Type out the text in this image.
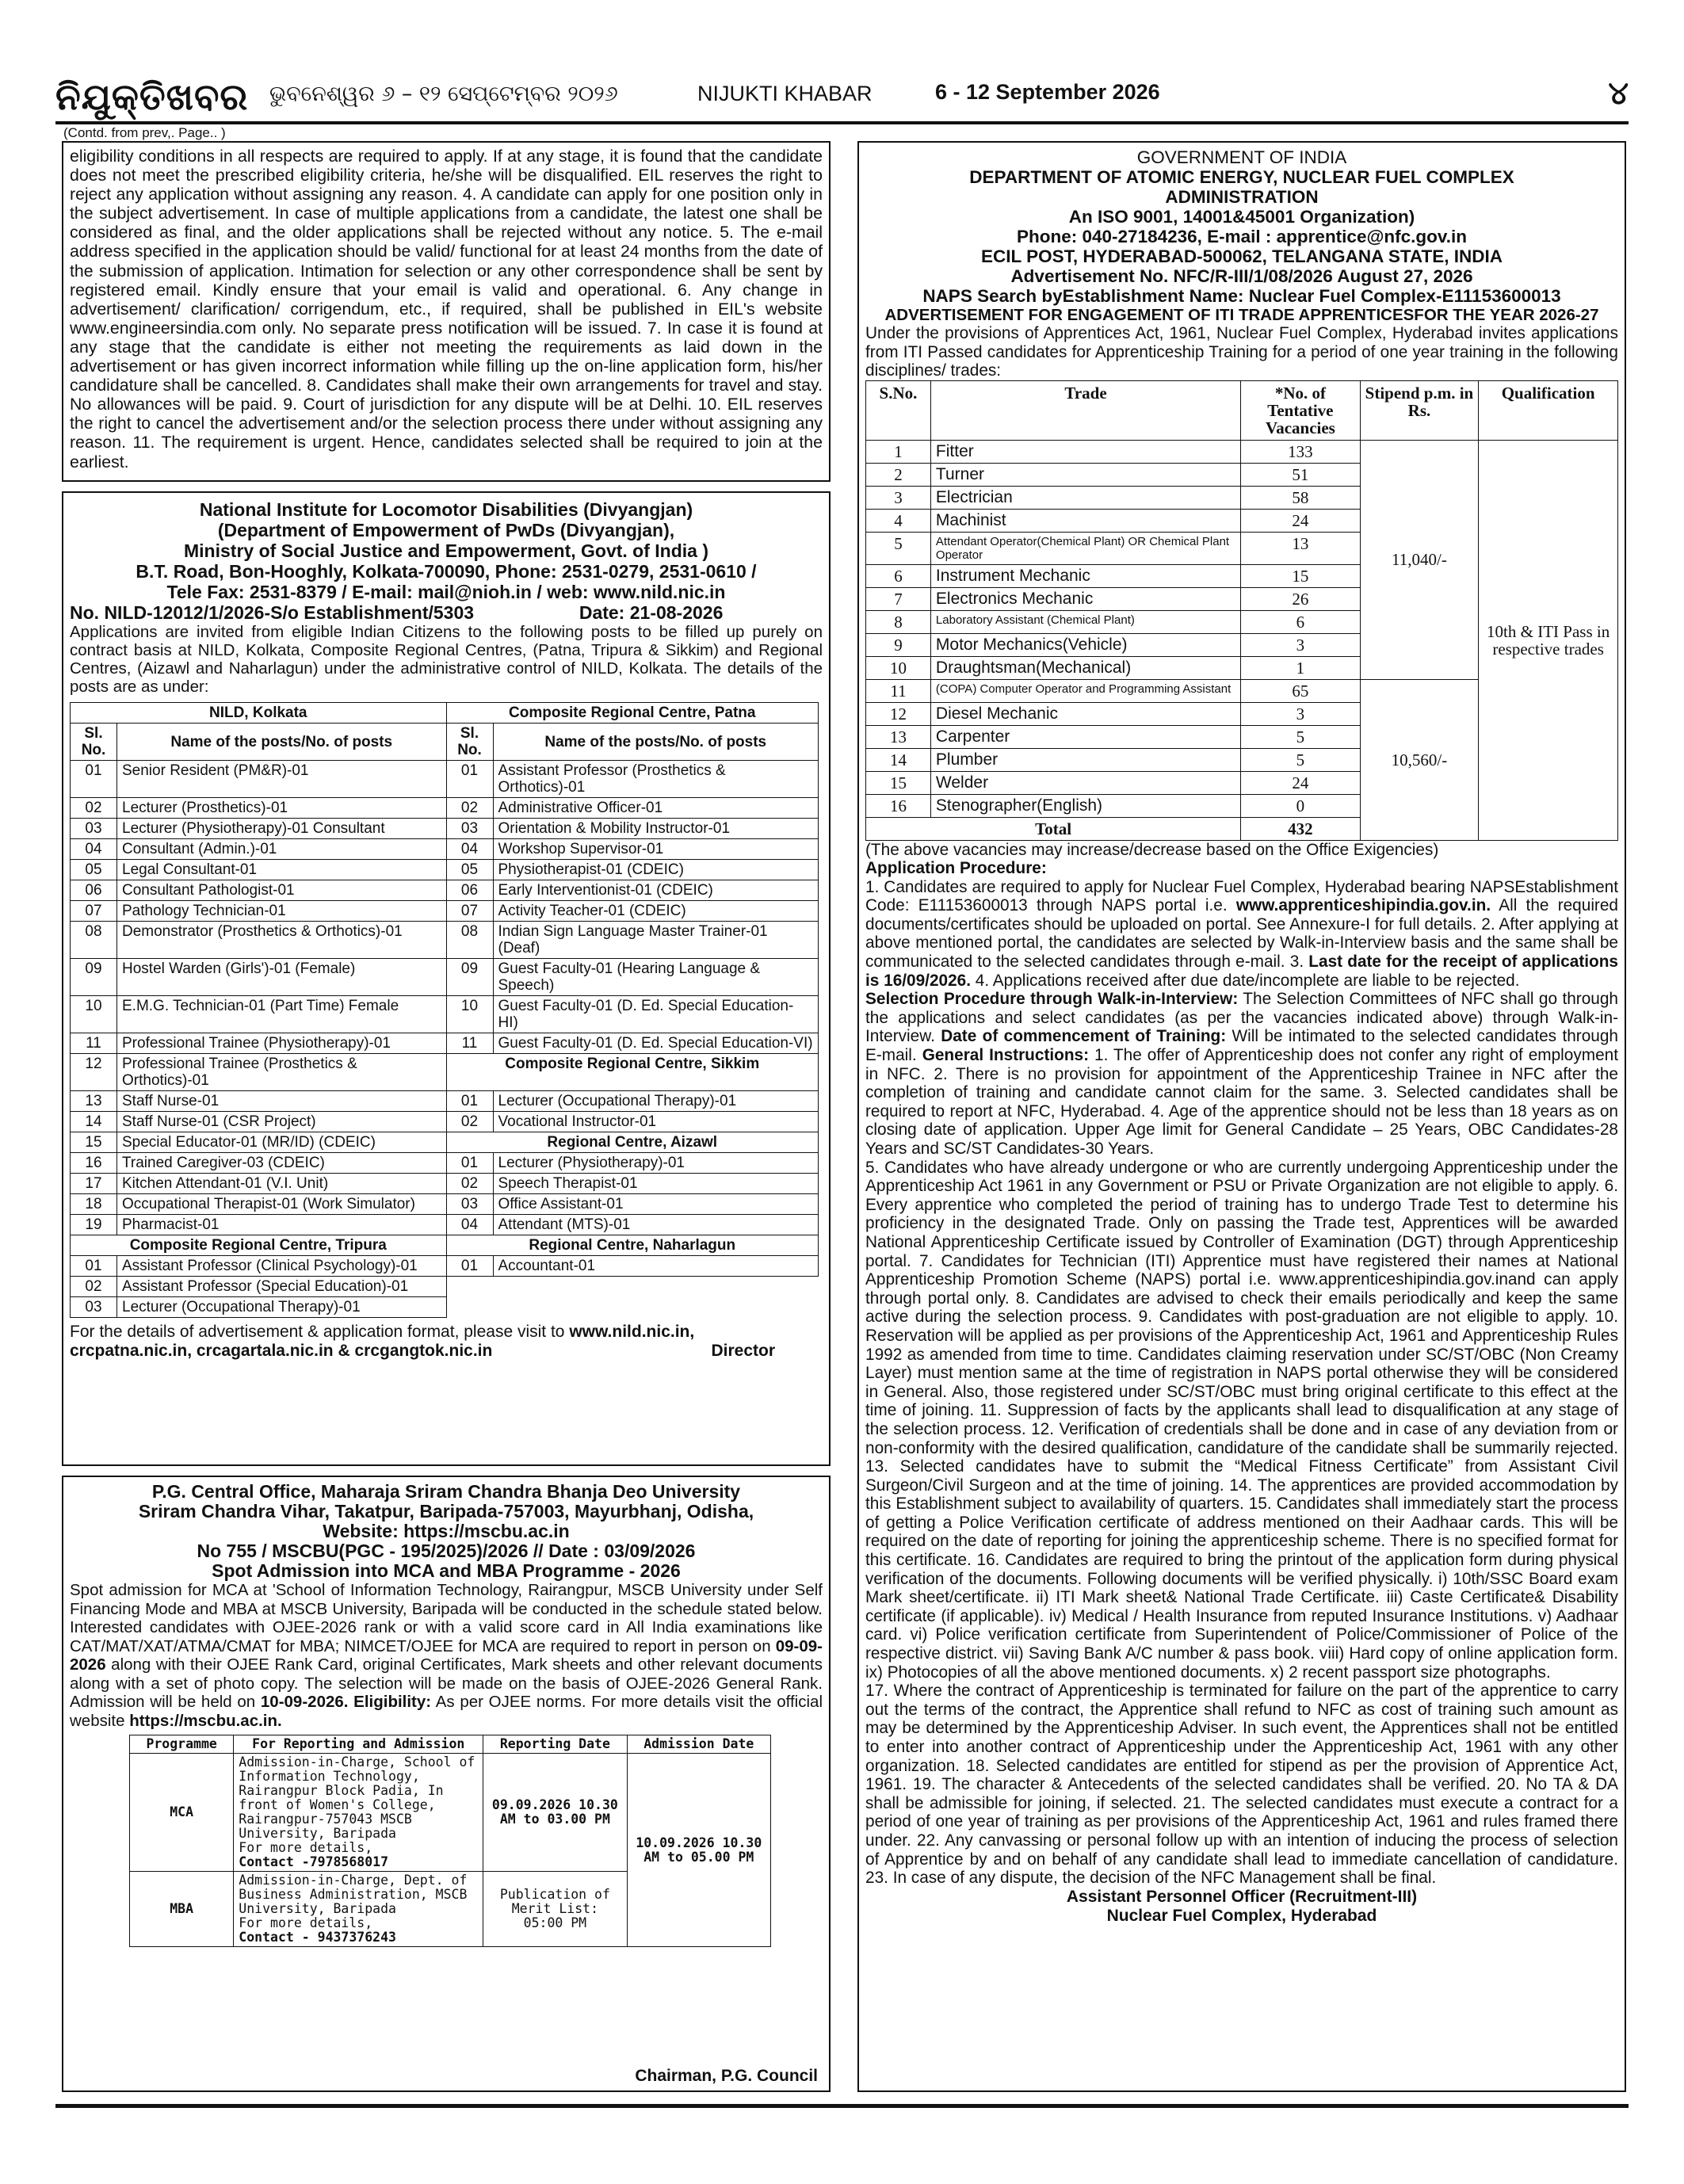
ନିଯୁକ୍ତିଖବର ଭୁବନେଶ୍ୱର ୬ – ୧୨ ସେପ୍ଟେମ୍ବର ୨୦୨୬	NIJUKTI KHABAR	6 - 12 September 2026	୪
(Contd. from prev,. Page.. )

eligibility conditions in all respects are required to apply. If at any stage, it is found that the candidate does not meet the prescribed eligibility criteria, he/she will be disqualified. EIL reserves the right to reject any application without assigning any reason. 4. A candidate can apply for one position only in the subject advertisement. In case of multiple applications from a candidate, the latest one shall be considered as final, and the older applications shall be rejected without any notice. 5. The e-mail address specified in the application should be valid/ functional for at least 24 months from the date of the submission of application. Intimation for selection or any other correspondence shall be sent by registered email. Kindly ensure that your email is valid and operational. 6. Any change in advertisement/ clarification/ corrigendum, etc., if required, shall be published in EIL's website www.engineersindia.com only. No separate press notification will be issued. 7. In case it is found at any stage that the candidate is either not meeting the requirements as laid down in the advertisement or has given incorrect information while filling up the on-line application form, his/her candidature shall be cancelled. 8. Candidates shall make their own arrangements for travel and stay. No allowances will be paid. 9. Court of jurisdiction for any dispute will be at Delhi. 10. EIL reserves the right to cancel the advertisement and/or the selection process there under without assigning any reason. 11. The requirement is urgent. Hence, candidates selected shall be required to join at the earliest.

National Institute for Locomotor Disabilities (Divyangjan)

(Department of Empowerment of PwDs (Divyangjan),

Ministry of Social Justice and Empowerment, Govt. of India )

B.T. Road, Bon-Hooghly, Kolkata-700090, Phone: 2531-0279, 2531-0610 /

Tele Fax: 2531-8379 / E-mail: mail@nioh.in / web: www.nild.nic.in

No. NILD-12012/1/2026-S/o Establishment/5303	Date: 21-08-2026

Applications are invited from eligible Indian Citizens to the following posts to be filled up purely on contract basis at NILD, Kolkata, Composite Regional Centres, (Patna, Tripura & Sikkim) and Regional Centres, (Aizawl and Naharlagun) under the administrative control of NILD, Kolkata. The details of the posts are as under:

NILD, Kolkata		Composite Regional Centre, Patna	
Sl. No.	Name of the posts/No. of posts	Sl. No.	Name of the posts/No. of posts
01	Senior Resident (PM&R)-01	01	Assistant Professor (Prosthetics & Orthotics)-01
02	Lecturer (Prosthetics)-01	02	Administrative Officer-01
03	Lecturer (Physiotherapy)-01 Consultant	03	Orientation & Mobility Instructor-01
04	Consultant (Admin.)-01	04	Workshop Supervisor-01
05	Legal Consultant-01	05	Physiotherapist-01 (CDEIC)
06	Consultant Pathologist-01	06	Early Interventionist-01 (CDEIC)
07	Pathology Technician-01	07	Activity Teacher-01 (CDEIC)
08	Demonstrator (Prosthetics & Orthotics)-01	08	Indian Sign Language Master Trainer-01 (Deaf)
09	Hostel Warden (Girls')-01 (Female)	09	Guest Faculty-01 (Hearing Language & Speech)
10	E.M.G. Technician-01 (Part Time) Female	10	Guest Faculty-01 (D. Ed. Special Education-HI)
11	Professional Trainee (Physiotherapy)-01	11	Guest Faculty-01 (D. Ed. Special Education-VI)
12	Professional Trainee (Prosthetics & Orthotics)-01	Composite Regional Centre, Sikkim	
13	Staff Nurse-01	01	Lecturer (Occupational Therapy)-01
14	Staff Nurse-01 (CSR Project)	02	Vocational Instructor-01
15	Special Educator-01 (MR/ID) (CDEIC)	Regional Centre, Aizawl	
16	Trained Caregiver-03 (CDEIC)	01	Lecturer (Physiotherapy)-01
17	Kitchen Attendant-01 (V.I. Unit)	02	Speech Therapist-01
18	Occupational Therapist-01 (Work Simulator)	03	Office Assistant-01
19	Pharmacist-01	04	Attendant (MTS)-01
Composite Regional Centre, Tripura		Regional Centre, Naharlagun	
01	Assistant Professor (Clinical Psychology)-01	01	Accountant-01
02	Assistant Professor (Special Education)-01		
03	Lecturer (Occupational Therapy)-01		

For the details of advertisement & application format, please visit to www.nild.nic.in,
crcpatna.nic.in, crcagartala.nic.in & crcgangtok.nic.in	Director

P.G. Central Office, Maharaja Sriram Chandra Bhanja Deo University

Sriram Chandra Vihar, Takatpur, Baripada-757003, Mayurbhanj, Odisha,

Website: https://mscbu.ac.in

No 755 / MSCBU(PGC - 195/2025)/2026 // Date : 03/09/2026

Spot Admission into MCA and MBA Programme - 2026

Spot admission for MCA at 'School of Information Technology, Rairangpur, MSCB University under Self Financing Mode and MBA at MSCB University, Baripada will be conducted in the schedule stated below. Interested candidates with OJEE-2026 rank or with a valid score card in All India examinations like CAT/MAT/XAT/ATMA/CMAT for MBA; NIMCET/OJEE for MCA are required to report in person on 09-09-2026 along with their OJEE Rank Card, original Certificates, Mark sheets and other relevant documents along with a set of photo copy. The selection will be made on the basis of OJEE-2026 General Rank. Admission will be held on 10-09-2026. Eligibility: As per OJEE norms. For more details visit the official website https://mscbu.ac.in.

Programme	For Reporting and Admission	Reporting Date	Admission Date
MCA	Admission-in-Charge, School of Information Technology, Rairangpur Block Padia, In front of Women's College, Rairangpur-757043 MSCB University, Baripada
For more details,
Contact -7978568017	09.09.2026 10.30 AM to 03.00 PM	10.09.2026 10.30 AM to 05.00 PM
MBA	Admission-in-Charge, Dept. of Business Administration, MSCB University, Baripada
For more details,
Contact - 9437376243	Publication of Merit List: 05:00 PM	

Chairman, P.G. Council

GOVERNMENT OF INDIA

DEPARTMENT OF ATOMIC ENERGY, NUCLEAR FUEL COMPLEX

ADMINISTRATION

An ISO 9001, 14001&45001 Organization)

Phone: 040-27184236, E-mail : apprentice@nfc.gov.in

ECIL POST, HYDERABAD-500062, TELANGANA STATE, INDIA

Advertisement No. NFC/R-III/1/08/2026 August 27, 2026

NAPS Search byEstablishment Name: Nuclear Fuel Complex-E11153600013

ADVERTISEMENT FOR ENGAGEMENT OF ITI TRADE APPRENTICESFOR THE YEAR 2026-27

Under the provisions of Apprentices Act, 1961, Nuclear Fuel Complex, Hyderabad invites applications from ITI Passed candidates for Apprenticeship Training for a period of one year training in the following disciplines/ trades:

S.No.	Trade	*No. of Tentative Vacancies	Stipend p.m. in Rs.	Qualification
1	Fitter	133	11,040/-	10th & ITI Pass in respective trades
2	Turner	51		
3	Electrician	58		
4	Machinist	24		
5	Attendant Operator(Chemical Plant) OR Chemical Plant Operator	13		
6	Instrument Mechanic	15		
7	Electronics Mechanic	26		
8	Laboratory Assistant (Chemical Plant)	6		
9	Motor Mechanics(Vehicle)	3		
10	Draughtsman(Mechanical)	1		
11	(COPA) Computer Operator and Programming Assistant	65	10,560/-	
12	Diesel Mechanic	3		
13	Carpenter	5		
14	Plumber	5		
15	Welder	24		
16	Stenographer(English)	0		
Total		432		

(The above vacancies may increase/decrease based on the Office Exigencies)

Application Procedure:

1. Candidates are required to apply for Nuclear Fuel Complex, Hyderabad bearing NAPSEstablishment Code: E11153600013 through NAPS portal i.e. www.apprenticeshipindia.gov.in. All the required documents/certificates should be uploaded on portal. See Annexure-I for full details. 2. After applying at above mentioned portal, the candidates are selected by Walk-in-Interview basis and the same shall be communicated to the selected candidates through e-mail. 3. Last date for the receipt of applications is 16/09/2026. 4. Applications received after due date/incomplete are liable to be rejected.
Selection Procedure through Walk-in-Interview: The Selection Committees of NFC shall go through the applications and select candidates (as per the vacancies indicated above) through Walk-in-Interview. Date of commencement of Training: Will be intimated to the selected candidates through E-mail. General Instructions: 1. The offer of Apprenticeship does not confer any right of employment in NFC. 2. There is no provision for appointment of the Apprenticeship Trainee in NFC after the completion of training and candidate cannot claim for the same. 3. Selected candidates shall be required to report at NFC, Hyderabad. 4. Age of the apprentice should not be less than 18 years as on closing date of application. Upper Age limit for General Candidate – 25 Years, OBC Candidates-28 Years and SC/ST Candidates-30 Years.

5. Candidates who have already undergone or who are currently undergoing Apprenticeship under the Apprenticeship Act 1961 in any Government or PSU or Private Organization are not eligible to apply. 6. Every apprentice who completed the period of training has to undergo Trade Test to determine his proficiency in the designated Trade. Only on passing the Trade test, Apprentices will be awarded National Apprenticeship Certificate issued by Controller of Examination (DGT) through Apprenticeship portal. 7. Candidates for Technician (ITI) Apprentice must have registered their names at National Apprenticeship Promotion Scheme (NAPS) portal i.e. www.apprenticeshipindia.gov.inand can apply through portal only. 8. Candidates are advised to check their emails periodically and keep the same active during the selection process. 9. Candidates with post-graduation are not eligible to apply. 10. Reservation will be applied as per provisions of the Apprenticeship Act, 1961 and Apprenticeship Rules 1992 as amended from time to time. Candidates claiming reservation under SC/ST/OBC (Non Creamy Layer) must mention same at the time of registration in NAPS portal otherwise they will be considered in General. Also, those registered under SC/ST/OBC must bring original certificate to this effect at the time of joining. 11. Suppression of facts by the applicants shall lead to disqualification at any stage of the selection process. 12. Verification of credentials shall be done and in case of any deviation from or non-conformity with the desired qualification, candidature of the candidate shall be summarily rejected. 13. Selected candidates have to submit the “Medical Fitness Certificate” from Assistant Civil Surgeon/Civil Surgeon and at the time of joining. 14. The apprentices are provided accommodation by this Establishment subject to availability of quarters. 15. Candidates shall immediately start the process of getting a Police Verification certificate of address mentioned on their Aadhaar cards. This will be required on the date of reporting for joining the apprenticeship scheme. There is no specified format for this certificate. 16. Candidates are required to bring the printout of the application form during physical verification of the documents. Following documents will be verified physically. i) 10th/SSC Board exam Mark sheet/certificate. ii) ITI Mark sheet& National Trade Certificate. iii) Caste Certificate& Disability certificate (if applicable). iv) Medical / Health Insurance from reputed Insurance Institutions. v) Aadhaar card. vi) Police verification certificate from Superintendent of Police/Commissioner of Police of the respective district. vii) Saving Bank A/C number & pass book. viii) Hard copy of online application form. ix) Photocopies of all the above mentioned documents. x) 2 recent passport size photographs.

17. Where the contract of Apprenticeship is terminated for failure on the part of the apprentice to carry out the terms of the contract, the Apprentice shall refund to NFC as cost of training such amount as may be determined by the Apprenticeship Adviser. In such event, the Apprentices shall not be entitled to enter into another contract of Apprenticeship under the Apprenticeship Act, 1961 with any other organization. 18. Selected candidates are entitled for stipend as per the provision of Apprentice Act, 1961. 19. The character & Antecedents of the selected candidates shall be verified. 20. No TA & DA shall be admissible for joining, if selected. 21. The selected candidates must execute a contract for a period of one year of training as per provisions of the Apprenticeship Act, 1961 and rules framed there under. 22. Any canvassing or personal follow up with an intention of inducing the process of selection of Apprentice by and on behalf of any candidate shall lead to immediate cancellation of candidature. 23. In case of any dispute, the decision of the NFC Management shall be final.

Assistant Personnel Officer (Recruitment-III)

Nuclear Fuel Complex, Hyderabad
